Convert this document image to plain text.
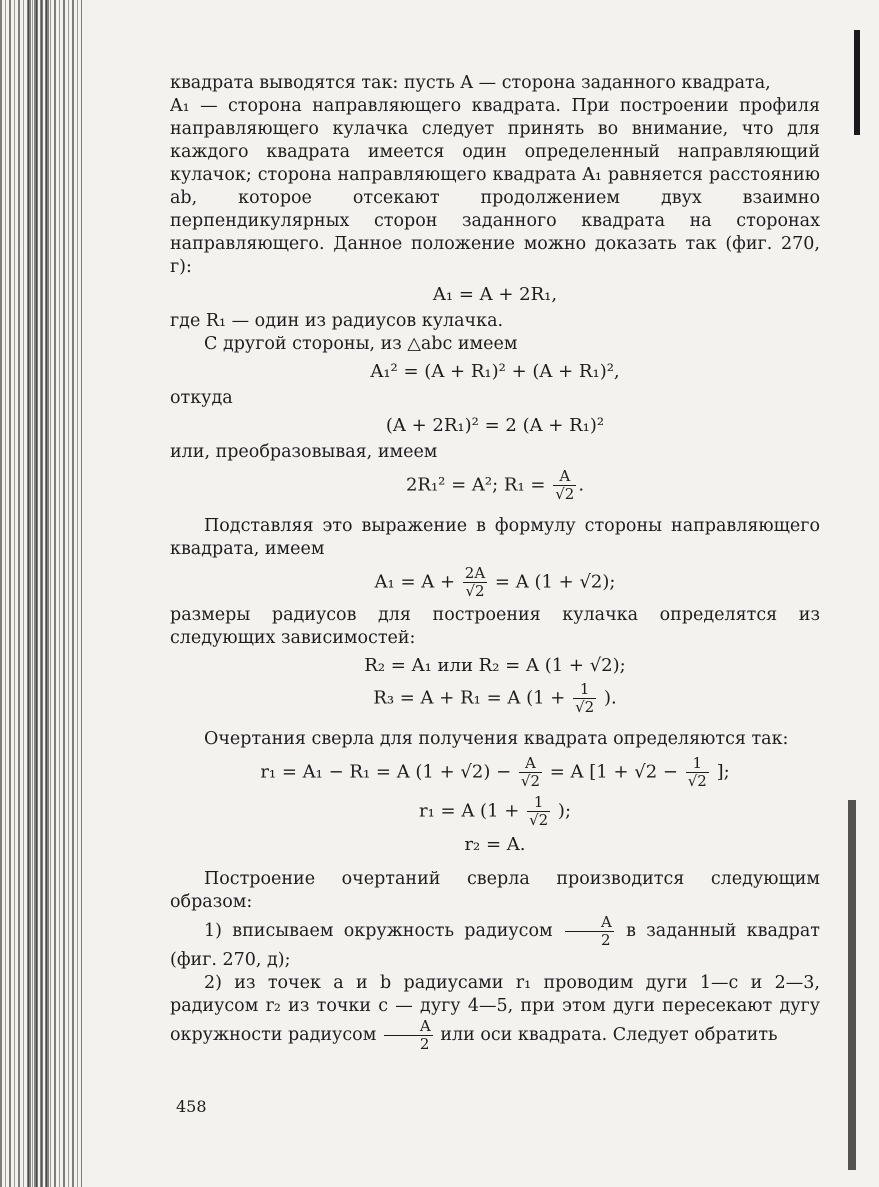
квадрата выводятся так: пусть A — сторона заданного квадрата,

A₁ — сторона направляющего квадрата. При построении профиля направляющего кулачка следует принять во внимание, что для каждого квадрата имеется один определенный направляющий кулачок; сторона направляющего квадрата A₁ равняется расстоянию ab, которое отсекают продолжением двух взаимно перпендикулярных сторон заданного квадрата на сторонах направляющего. Данное положение можно доказать так (фиг. 270, г):

A₁ = A + 2R₁,

где R₁ — один из радиусов кулачка.

С другой стороны, из △abc имеем

A₁² = (A + R₁)² + (A + R₁)²,

откуда

(A + 2R₁)² = 2 (A + R₁)²

или, преобразовывая, имеем

2R₁² = A²; $R_1 = \frac{A}{√2}$ .

Подставляя это выражение в формулу стороны направляющего квадрата, имеем

$A_1 = A + \frac{2A}{√2} = A$ (1 + √2);

размеры радиусов для построения кулачка определятся из следующих зависимостей:

R₂ = A₁ или R₂ = A (1 + √2);
R₃ = A + R₁ = A ($1 + \frac{1}{√2}$ ).

Очертания сверла для получения квадрата определяются так:

r₁ = A₁ − R₁ = A $(1 + √2) - \frac{A}{√2} = A$ [$1 + √2 - \frac{1}{√2}$ ];
r₁ = A ($1 + \frac{1}{√2}$ );
r₂ = A.

Построение очертаний сверла производится следующим образом:

1) вписываем окружность радиусом $\frac{A}{2}$ в заданный квадрат (фиг. 270, д);

2) из точек a и b радиусами r₁ проводим дуги 1—c и 2—3, радиусом r₂ из точки c — дугу 4—5, при этом дуги пересекают дугу окружности радиусом $\frac{A}{2}$ или оси квадрата. Следует обратить

458
